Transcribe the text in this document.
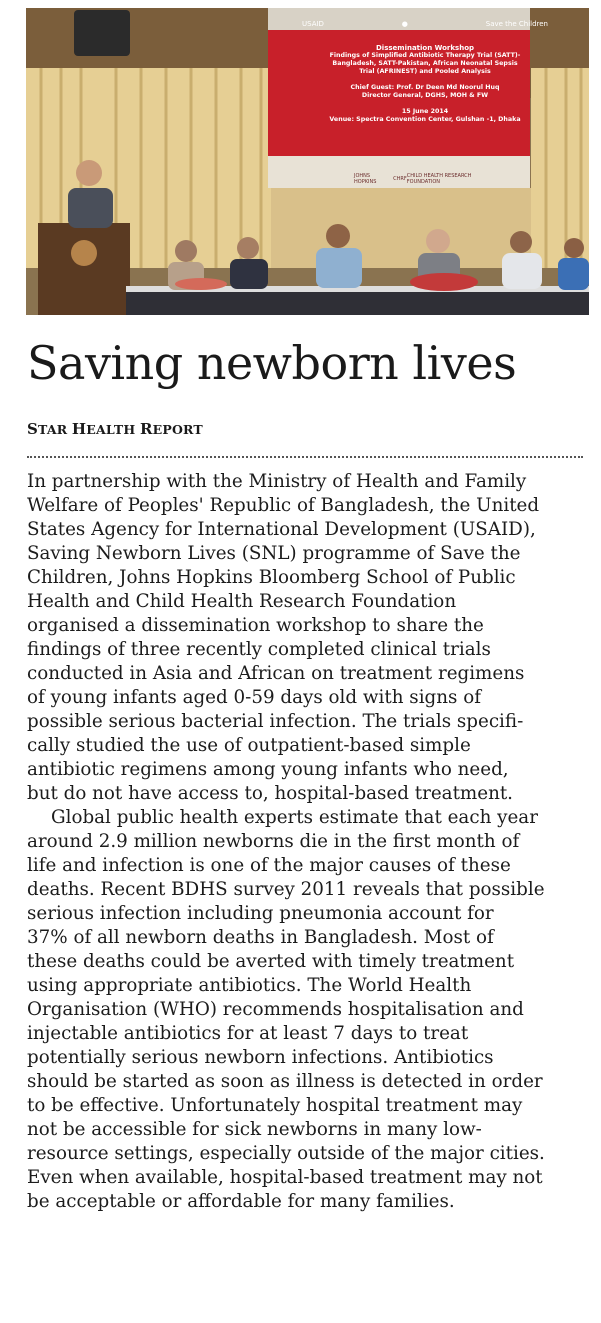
USAID	●	Save the Children
Dissemination Workshop
Findings of Simplified Antibiotic Therapy Trial (SATT)-
Bangladesh, SATT-Pakistan, African Neonatal Sepsis
Trial (AFRINEST) and Pooled Analysis

Chief Guest: Prof. Dr Deen Md Noorul Huq
Director General, DGHS, MOH & FW

15 June 2014
Venue: Spectra Convention Center, Gulshan -1, Dhaka
JOHNS HOPKINS	CHRF CHILD HEALTH RESEARCH FOUNDATION
Saving newborn lives
STAR HEALTH REPORT
In partnership with the Ministry of Health and Family
Welfare of Peoples' Republic of Bangladesh, the United
States Agency for International Development (USAID),
Saving Newborn Lives (SNL) programme of Save the
Children, Johns Hopkins Bloomberg School of Public
Health and Child Health Research Foundation
organised a dissemination workshop to share the
findings of three recently completed clinical trials
conducted in Asia and African on treatment regimens
of young infants aged 0-59 days old with signs of
possible serious bacterial infection. The trials specifi-
cally studied the use of outpatient-based simple
antibiotic regimens among young infants who need,
but do not have access to, hospital-based treatment.
Global public health experts estimate that each year
around 2.9 million newborns die in the first month of
life and infection is one of the major causes of these
deaths. Recent BDHS survey 2011 reveals that possible
serious infection including pneumonia account for
37% of all newborn deaths in Bangladesh. Most of
these deaths could be averted with timely treatment
using appropriate antibiotics. The World Health
Organisation (WHO) recommends hospitalisation and
injectable antibiotics for at least 7 days to treat
potentially serious newborn infections. Antibiotics
should be started as soon as illness is detected in order
to be effective. Unfortunately hospital treatment may
not be accessible for sick newborns in many low-
resource settings, especially outside of the major cities.
Even when available, hospital-based treatment may not
be acceptable or affordable for many families.
